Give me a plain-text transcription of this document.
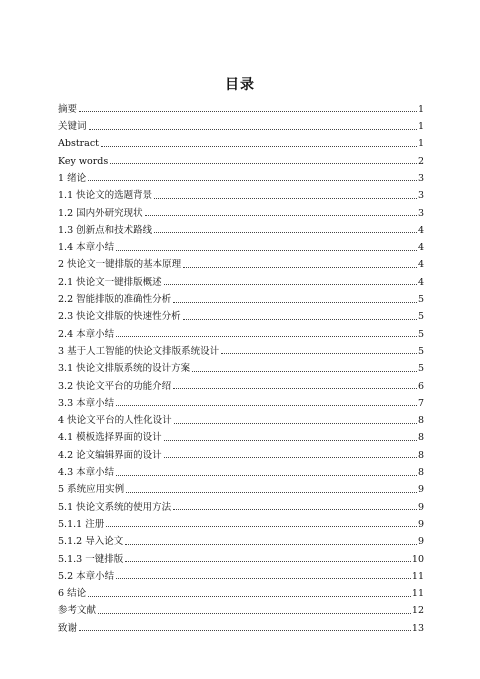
目录
摘要	1
关键词	1
Abstract	1
Key words	2
1 绪论	3
1.1 快论文的选题背景	3
1.2 国内外研究现状	3
1.3 创新点和技术路线	4
1.4 本章小结	4
2 快论文一键排版的基本原理	4
2.1 快论文一键排版概述	4
2.2 智能排版的准确性分析	5
2.3 快论文排版的快速性分析	5
2.4 本章小结	5
3 基于人工智能的快论文排版系统设计	5
3.1 快论文排版系统的设计方案	5
3.2 快论文平台的功能介绍	6
3.3 本章小结	7
4 快论文平台的人性化设计	8
4.1 模板选择界面的设计	8
4.2 论文编辑界面的设计	8
4.3 本章小结	8
5 系统应用实例	9
5.1 快论文系统的使用方法	9
5.1.1 注册	9
5.1.2 导入论文	9
5.1.3 一键排版	10
5.2 本章小结	11
6 结论	11
参考文献	12
致谢	13
